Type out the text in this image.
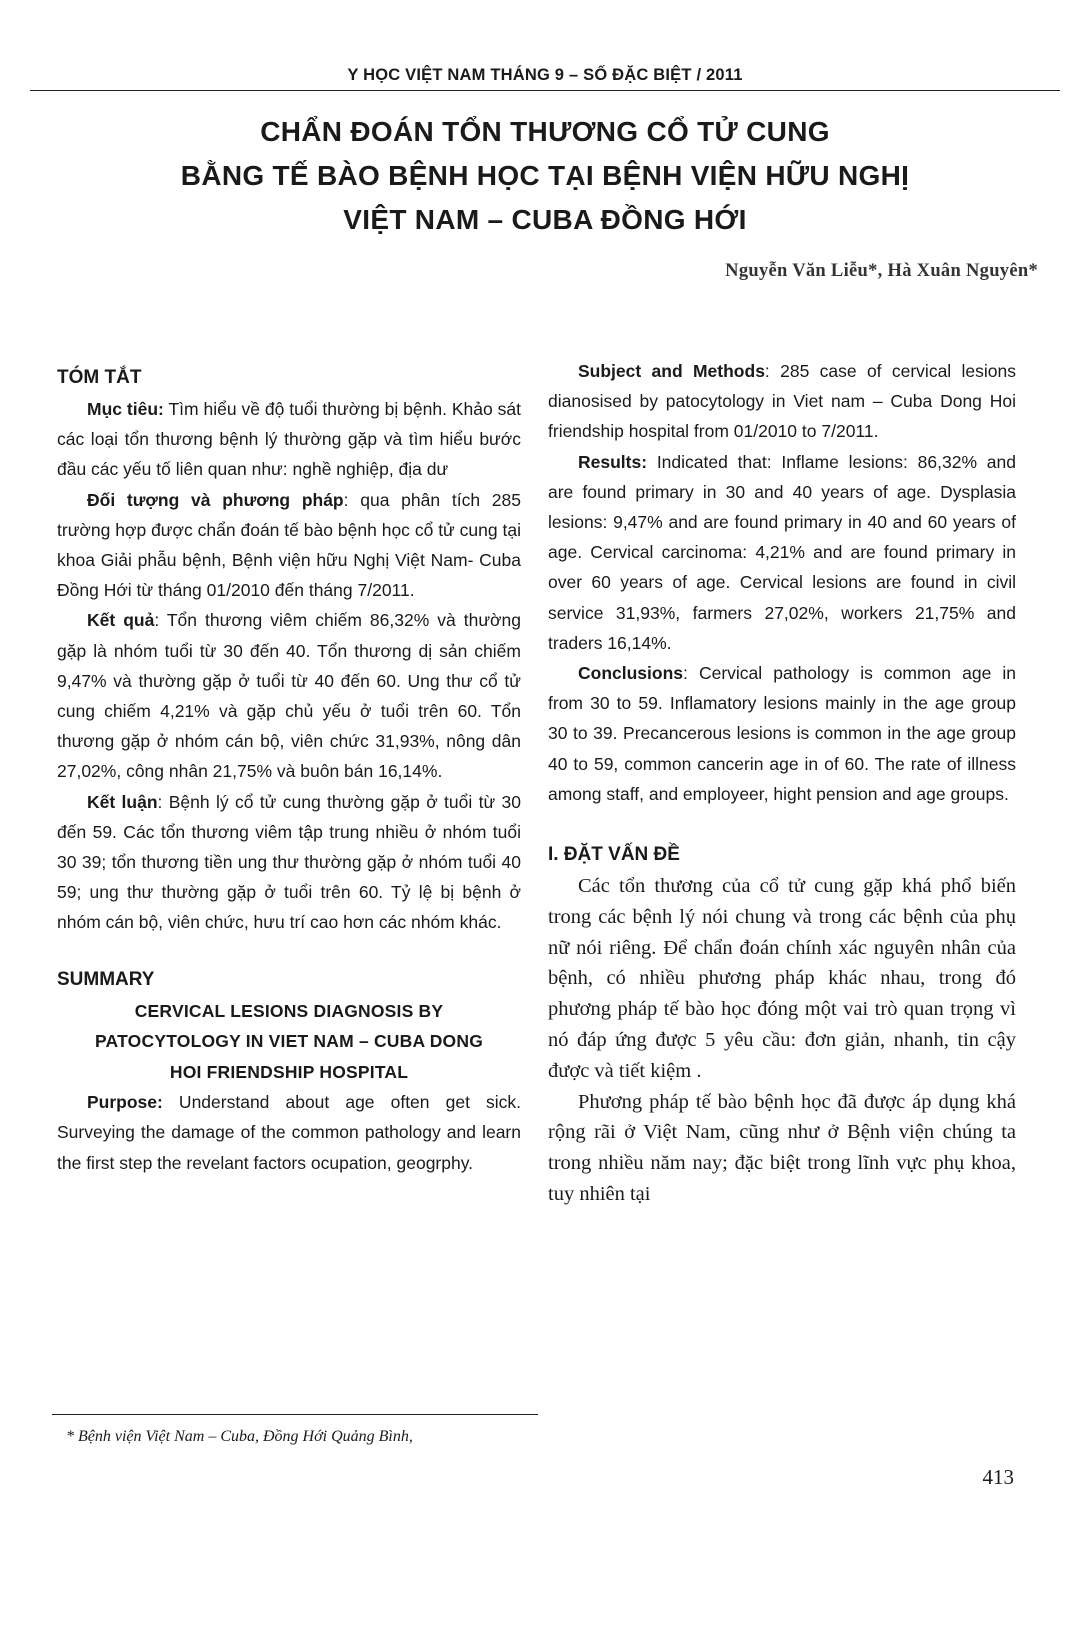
Y HỌC VIỆT NAM THÁNG 9 – SỐ ĐẶC BIỆT / 2011
CHẨN ĐOÁN TỔN THƯƠNG CỔ TỬ CUNG
BẰNG TẾ BÀO BỆNH HỌC TẠI BỆNH VIỆN HỮU NGHỊ
VIỆT NAM – CUBA ĐỒNG HỚI
Nguyễn Văn Liễu*, Hà Xuân Nguyên*

TÓM TẮT

Mục tiêu: Tìm hiểu về độ tuổi thường bị bệnh. Khảo sát các loại tổn thương bệnh lý thường gặp và tìm hiểu bước đầu các yếu tố liên quan như: nghề nghiệp, địa dư

Đối tượng và phương pháp: qua phân tích 285 trường hợp được chẩn đoán tế bào bệnh học cổ tử cung tại khoa Giải phẫu bệnh, Bệnh viện hữu Nghị Việt Nam- Cuba Đồng Hới từ tháng 01/2010 đến tháng 7/2011.

Kết quả: Tổn thương viêm chiếm 86,32% và thường gặp là nhóm tuổi từ 30 đến 40. Tổn thương dị sản chiếm 9,47% và thường gặp ở tuổi từ 40 đến 60. Ung thư cổ tử cung chiếm 4,21% và gặp chủ yếu ở tuổi trên 60. Tổn thương gặp ở nhóm cán bộ, viên chức 31,93%, nông dân 27,02%, công nhân 21,75% và buôn bán 16,14%.

Kết luận: Bệnh lý cổ tử cung thường gặp ở tuổi từ 30 đến 59. Các tổn thương viêm tập trung nhiều ở nhóm tuổi 30 39; tổn thương tiền ung thư thường gặp ở nhóm tuổi 40 59; ung thư thường gặp ở tuổi trên 60. Tỷ lệ bị bệnh ở nhóm cán bộ, viên chức, hưu trí cao hơn các nhóm khác.

SUMMARY

CERVICAL LESIONS DIAGNOSIS BY

PATOCYTOLOGY IN VIET NAM – CUBA DONG

HOI FRIENDSHIP HOSPITAL

Purpose: Understand about age often get sick. Surveying the damage of the common pathology and learn the first step the revelant factors ocupation, geogrphy.

Subject and Methods: 285 case of cervical lesions dianosised by patocytology in Viet nam – Cuba Dong Hoi friendship hospital from 01/2010 to 7/2011.

Results: Indicated that: Inflame lesions: 86,32% and are found primary in 30 and 40 years of age. Dysplasia lesions: 9,47% and are found primary in 40 and 60 years of age. Cervical carcinoma: 4,21% and are found primary in over 60 years of age. Cervical lesions are found in civil service 31,93%, farmers 27,02%, workers 21,75% and traders 16,14%.

Conclusions: Cervical pathology is common age in from 30 to 59. Inflamatory lesions mainly in the age group 30 to 39. Precancerous lesions is common in the age group 40 to 59, common cancerin age in of 60. The rate of illness among staff, and employeer, hight pension and age groups.

I. ĐẶT VẤN ĐỀ

Các tổn thương của cổ tử cung gặp khá phổ biến trong các bệnh lý nói chung và trong các bệnh của phụ nữ nói riêng. Để chẩn đoán chính xác nguyên nhân của bệnh, có nhiều phương pháp khác nhau, trong đó phương pháp tế bào học đóng một vai trò quan trọng vì nó đáp ứng được 5 yêu cầu: đơn giản, nhanh, tin cậy được và tiết kiệm .

Phương pháp tế bào bệnh học đã được áp dụng khá rộng rãi ở Việt Nam, cũng như ở Bệnh viện chúng ta trong nhiều năm nay; đặc biệt trong lĩnh vực phụ khoa, tuy nhiên tại

* Bệnh viện Việt Nam – Cuba, Đồng Hới Quảng Bình,
413
